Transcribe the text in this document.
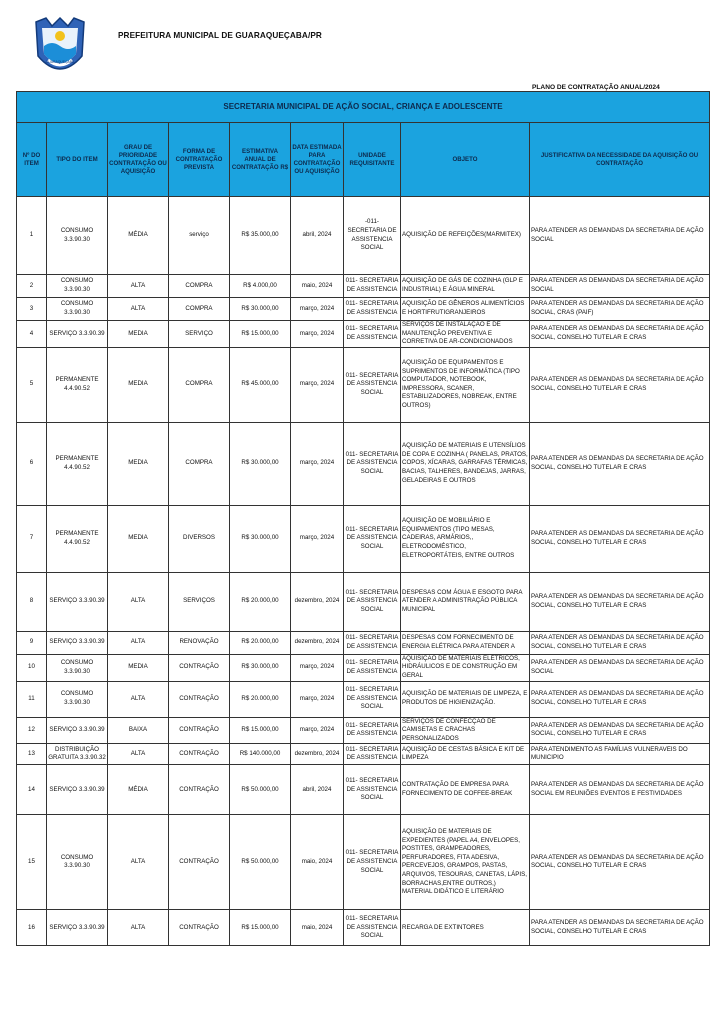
GUARAQUEÇABA
PREFEITURA MUNICIPAL DE GUARAQUEÇABA/PR
PLANO DE CONTRATAÇÃO ANUAL/2024
SECRETARIA MUNICIPAL DE AÇÃO SOCIAL, CRIANÇA E ADOLESCENTE								
Nº DO ITEM	TIPO DO ITEM	GRAU DE PRIORIDADE CONTRATAÇÃO OU AQUISIÇÃO	FORMA DE CONTRATAÇÃO PREVISTA	ESTIMATIVA ANUAL DE CONTRATAÇÃO R$	DATA ESTIMADA PARA CONTRATAÇÃO OU AQUISIÇÃO	UNIDADE REQUISITANTE	OBJETO	JUSTIFICATIVA DA NECESSIDADE DA AQUISIÇÃO OU CONTRATAÇÃO
1	CONSUMO 3.3.90.30	MÉDIA	serviço	R$ 35.000,00	abril, 2024	-011- SECRETARIA DE ASSISTENCIA SOCIAL	AQUISIÇÃO DE REFEIÇÕES(MARMITEX)	PARA ATENDER AS DEMANDAS DA SECRETARIA DE AÇÃO SOCIAL
2	CONSUMO 3.3.90.30	ALTA	COMPRA	R$ 4.000,00	maio, 2024	011- SECRETARIA DE ASSISTENCIA	AQUISIÇÃO DE GÁS DE COZINHA (GLP E INDUSTRIAL) E ÁGUA MINERAL	PARA ATENDER AS DEMANDAS DA SECRETARIA DE AÇÃO SOCIAL
3	CONSUMO 3.3.90.30	ALTA	COMPRA	R$ 30.000,00	março, 2024	011- SECRETARIA DE ASSISTENCIA	AQUISIÇÃO DE GÊNEROS ALIMENTÍCIOS E HORTIFRUTIGRANJEIROS	PARA ATENDER AS DEMANDAS DA SECRETARIA DE AÇÃO SOCIAL, CRAS (PAIF)
4	SERVIÇO 3.3.90.39	MEDIA	SERVIÇO	R$ 15.000,00	março, 2024	011- SECRETARIA DE ASSISTENCIA	SERVIÇOS DE INSTALAÇÃO E DE MANUTENÇÃO PREVENTIVA E CORRETIVA DE AR-CONDICIONADOS	PARA ATENDER AS DEMANDAS DA SECRETARIA DE AÇÃO SOCIAL, CONSELHO TUTELAR E CRAS
5	PERMANENTE 4.4.90.52	MEDIA	COMPRA	R$ 45.000,00	março, 2024	011- SECRETARIA DE ASSISTENCIA SOCIAL	AQUISIÇÃO DE EQUIPAMENTOS E SUPRIMENTOS DE INFORMÁTICA (TIPO COMPUTADOR, NOTEBOOK, IMPRESSORA, SCANER, ESTABILIZADORES, NOBREAK, ENTRE OUTROS)	PARA ATENDER AS DEMANDAS DA SECRETARIA DE AÇÃO SOCIAL, CONSELHO TUTELAR E CRAS
6	PERMANENTE 4.4.90.52	MEDIA	COMPRA	R$ 30.000,00	março, 2024	011- SECRETARIA DE ASSISTENCIA SOCIAL	AQUISIÇÃO DE MATERIAIS E UTENSÍLIOS DE COPA E COZINHA ( PANELAS, PRATOS, COPOS, XÍCARAS, GARRAFAS TÉRMICAS, BACIAS, TALHERES, BANDEJAS, JARRAS, GELADEIRAS E OUTROS	PARA ATENDER AS DEMANDAS DA SECRETARIA DE AÇÃO SOCIAL, CONSELHO TUTELAR E CRAS
7	PERMANENTE 4.4.90.52	MEDIA	DIVERSOS	R$ 30.000,00	março, 2024	011- SECRETARIA DE ASSISTENCIA SOCIAL	AQUISIÇÃO DE MOBILIÁRIO E EQUIPAMENTOS (TIPO MESAS, CADEIRAS, ARMÁRIOS,, ELETRODOMÉSTICO, ELETROPORTÁTEIS, ENTRE OUTROS	PARA ATENDER AS DEMANDAS DA SECRETARIA DE AÇÃO SOCIAL, CONSELHO TUTELAR E CRAS
8	SERVIÇO 3.3.90.39	ALTA	SERVIÇOS	R$ 20.000,00	dezembro, 2024	011- SECRETARIA DE ASSISTENCIA SOCIAL	DESPESAS COM ÁGUA E ESGOTO PARA ATENDER A ADMINISTRAÇÃO PÚBLICA MUNICIPAL	PARA ATENDER AS DEMANDAS DA SECRETARIA DE AÇÃO SOCIAL, CONSELHO TUTELAR E CRAS
9	SERVIÇO 3.3.90.39	ALTA	RENOVAÇÃO	R$ 20.000,00	dezembro, 2024	011- SECRETARIA DE ASSISTENCIA	DESPESAS COM FORNECIMENTO DE ENERGIA ELÉTRICA PARA ATENDER A	PARA ATENDER AS DEMANDAS DA SECRETARIA DE AÇÃO SOCIAL, CONSELHO TUTELAR E CRAS
10	CONSUMO 3.3.90.30	MEDIA	CONTRAÇÃO	R$ 30.000,00	março, 2024	011- SECRETARIA DE ASSISTENCIA	AQUISIÇÃO DE MATERIAIS ELÉTRICOS, HIDRÁULICOS E DE CONSTRUÇÃO EM GERAL	PARA ATENDER AS DEMANDAS DA SECRETARIA DE AÇÃO SOCIAL
11	CONSUMO 3.3.90.30	ALTA	CONTRAÇÃO	R$ 20.000,00	março, 2024	011- SECRETARIA DE ASSISTENCIA SOCIAL	AQUISIÇÃO DE MATERIAIS DE LIMPEZA, E PRODUTOS DE HIGIENIZAÇÃO.	PARA ATENDER AS DEMANDAS DA SECRETARIA DE AÇÃO SOCIAL, CONSELHO TUTELAR E CRAS
12	SERVIÇO 3.3.90.39	BAIXA	CONTRAÇÃO	R$ 15.000,00	março, 2024	011- SECRETARIA DE ASSISTENCIA	SERVIÇOS DE CONFECÇÃO DE CAMISETAS E CRACHAS PERSONALIZADOS	PARA ATENDER AS DEMANDAS DA SECRETARIA DE AÇÃO SOCIAL, CONSELHO TUTELAR E CRAS
13	DISTRIBUIÇÃO GRATUITA 3.3.90.32	ALTA	CONTRAÇÃO	R$ 140.000,00	dezembro, 2024	011- SECRETARIA DE ASSISTENCIA	AQUISIÇÃO DE CESTAS BÁSICA E KIT DE LIMPEZA	PARA ATENDIMENTO AS FAMÍLIAS VULNERAVEIS DO MUNICIPIO
14	SERVIÇO 3.3.90.39	MÉDIA	CONTRAÇÃO	R$ 50.000,00	abril, 2024	011- SECRETARIA DE ASSISTENCIA SOCIAL	CONTRATAÇÃO DE EMPRESA PARA FORNECIMENTO DE COFFEE-BREAK	PARA ATENDER AS DEMANDAS DA SECRETARIA DE AÇÃO SOCIAL EM REUNIÕES EVENTOS E FESTIVIDADES
15	CONSUMO 3.3.90.30	ALTA	CONTRAÇÃO	R$ 50.000,00	maio, 2024	011- SECRETARIA DE ASSISTENCIA SOCIAL	AQUISIÇÃO DE MATERIAIS DE EXPEDIENTES (PAPEL A4, ENVELOPES, POSTITES, GRAMPEADORES, PERFURADORES, FITA ADESIVA, PERCEVEJOS, GRAMPOS, PASTAS, ARQUIVOS, TESOURAS, CANETAS, LÁPIS, BORRACHAS,ENTRE OUTROS,) MATERIAL DIDÁTICO E LITERÁRIO	PARA ATENDER AS DEMANDAS DA SECRETARIA DE AÇÃO SOCIAL, CONSELHO TUTELAR E CRAS
16	SERVIÇO 3.3.90.39	ALTA	CONTRAÇÃO	R$ 15.000,00	maio, 2024	011- SECRETARIA DE ASSISTENCIA SOCIAL	RECARGA DE EXTINTORES	PARA ATENDER AS DEMANDAS DA SECRETARIA DE AÇÃO SOCIAL, CONSELHO TUTELAR E CRAS
